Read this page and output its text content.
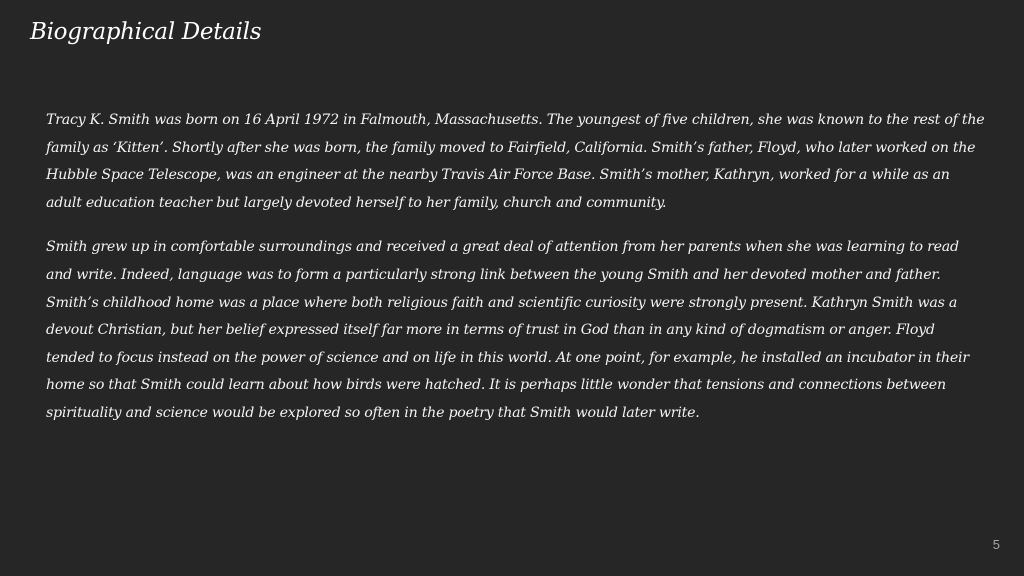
Biographical Details

Tracy K. Smith was born on 16 April 1972 in Falmouth, Massachusetts. The youngest of five children, she was known to the rest of the family as ‘Kitten’. Shortly after she was born, the family moved to Fairfield, California. Smith’s father, Floyd, who later worked on the Hubble Space Telescope, was an engineer at the nearby Travis Air Force Base. Smith’s mother, Kathryn, worked for a while as an adult education teacher but largely devoted herself to her family, church and community.

Smith grew up in comfortable surroundings and received a great deal of attention from her parents when she was learning to read and write. Indeed, language was to form a particularly strong link between the young Smith and her devoted mother and father. Smith’s childhood home was a place where both religious faith and scientific curiosity were strongly present. Kathryn Smith was a devout Christian, but her belief expressed itself far more in terms of trust in God than in any kind of dogmatism or anger. Floyd tended to focus instead on the power of science and on life in this world. At one point, for example, he installed an incubator in their home so that Smith could learn about how birds were hatched. It is perhaps little wonder that tensions and connections between spirituality and science would be explored so often in the poetry that Smith would later write.

5
